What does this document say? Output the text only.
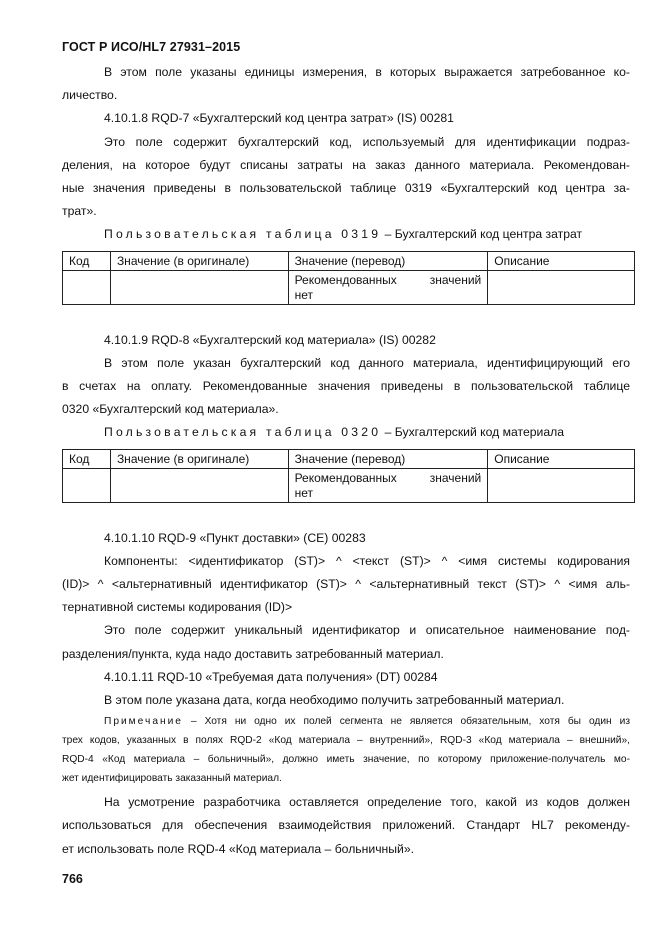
ГОСТ Р ИСО/HL7 27931–2015

В этом поле указаны единицы измерения, в которых выражается затребованное ко-
личество.

4.10.1.8 RQD-7 «Бухгалтерский код центра затрат» (IS) 00281

Это поле содержит бухгалтерский код, используемый для идентификации подраз-
деления, на которое будут списаны затраты на заказ данного материала. Рекомендован-
ные значения приведены в пользовательской таблице 0319 «Бухгалтерский код центра за-
трат».

Пользовательская таблица 0319 – Бухгалтерский код центра затрат

Код	Значение (в оригинале)	Значение (перевод)	Описание

		Рекомендованных значений
нет	

4.10.1.9 RQD-8 «Бухгалтерский код материала» (IS) 00282

В этом поле указан бухгалтерский код данного материала, идентифицирующий его
в счетах на оплату. Рекомендованные значения приведены в пользовательской таблице
0320 «Бухгалтерский код материала».

Пользовательская таблица 0320 – Бухгалтерский код материала

Код	Значение (в оригинале)	Значение (перевод)	Описание

		Рекомендованных значений
нет	

4.10.1.10 RQD-9 «Пункт доставки» (CE) 00283

Компоненты: <идентификатор (ST)> ^ <текст (ST)> ^ <имя системы кодирования
(ID)> ^ <альтернативный идентификатор (ST)> ^ <альтернативный текст (ST)> ^ <имя аль-
тернативной системы кодирования (ID)>

Это поле содержит уникальный идентификатор и описательное наименование под-
разделения/пункта, куда надо доставить затребованный материал.

4.10.1.11 RQD-10 «Требуемая дата получения» (DT) 00284

В этом поле указана дата, когда необходимо получить затребованный материал.

Примечание – Хотя ни одно их полей сегмента не является обязательным, хотя бы один из
трех кодов, указанных в полях RQD-2 «Код материала – внутренний», RQD-3 «Код материала – внешний»,
RQD-4 «Код материала – больничный», должно иметь значение, по которому приложение-получатель мо-
жет идентифицировать заказанный материал.

На усмотрение разработчика оставляется определение того, какой из кодов должен
использоваться для обеспечения взаимодействия приложений. Стандарт HL7 рекоменду-
ет использовать поле RQD-4 «Код материала – больничный».

766
